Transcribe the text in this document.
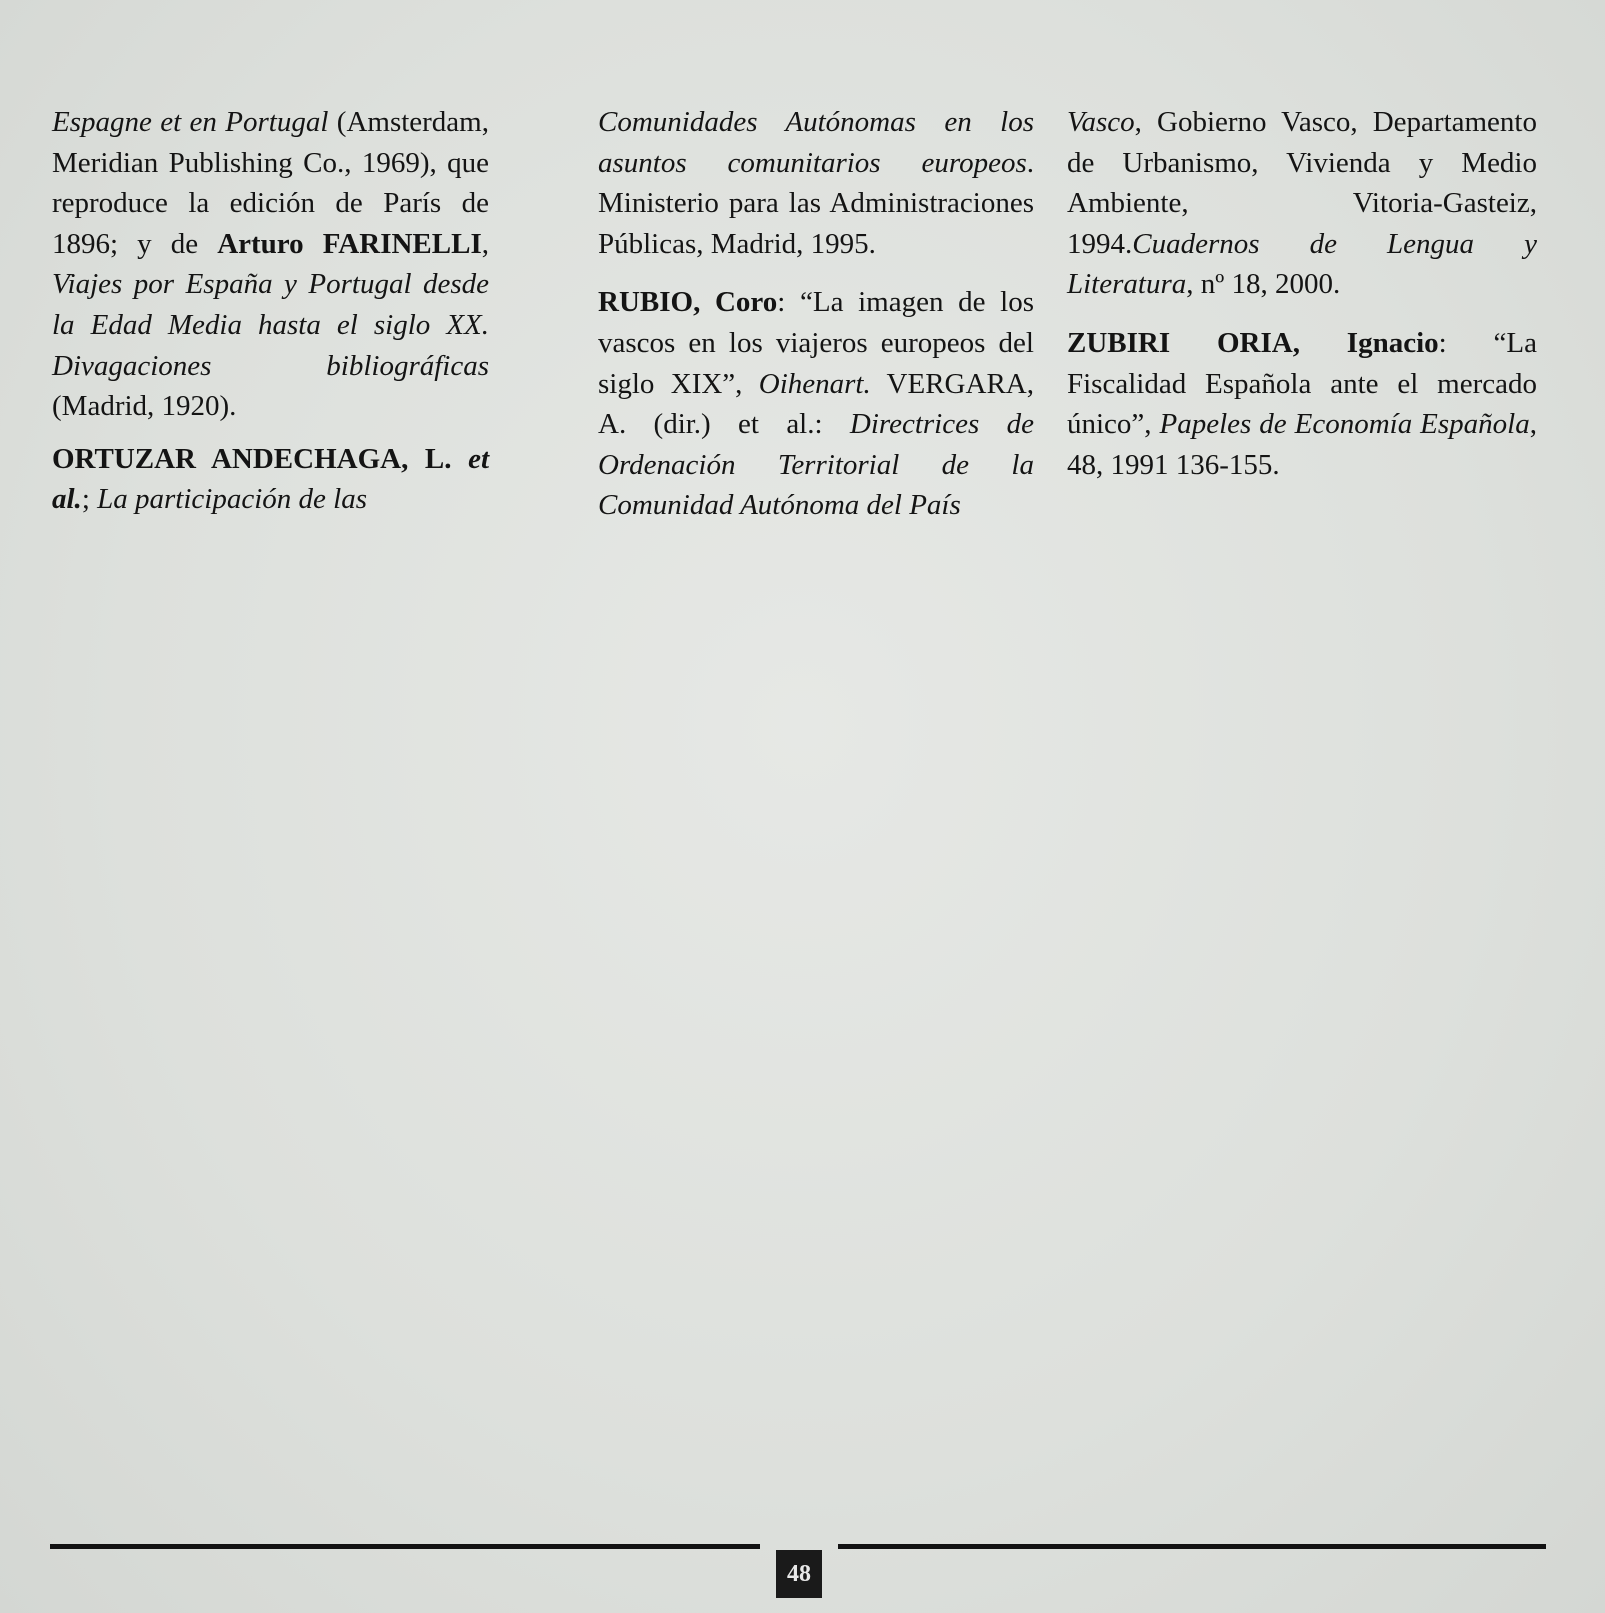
Espagne et en Portugal (Amsterdam, Meridian Publishing Co., 1969), que reproduce la edición de París de 1896; y de Arturo FARINELLI, Viajes por España y Portugal desde la Edad Media hasta el siglo XX. Divagaciones bibliográficas (Madrid, 1920).

ORTUZAR ANDECHAGA, L. et al.; La participación de las

Comunidades Autónomas en los asuntos comunitarios europeos. Ministerio para las Administraciones Públicas, Madrid, 1995.

RUBIO, Coro: “La imagen de los vascos en los viajeros europeos del siglo XIX”, Oihenart. VERGARA, A. (dir.) et al.: Directrices de Ordenación Territorial de la Comunidad Autónoma del País

Vasco, Gobierno Vasco, Departamento de Urbanismo, Vivienda y Medio Ambiente, Vitoria-Gasteiz, 1994.Cuadernos de Lengua y Literatura, nº 18, 2000.

ZUBIRI ORIA, Ignacio: “La Fiscalidad Española ante el mercado único”, Papeles de Economía Española, 48, 1991 136-155.

48
